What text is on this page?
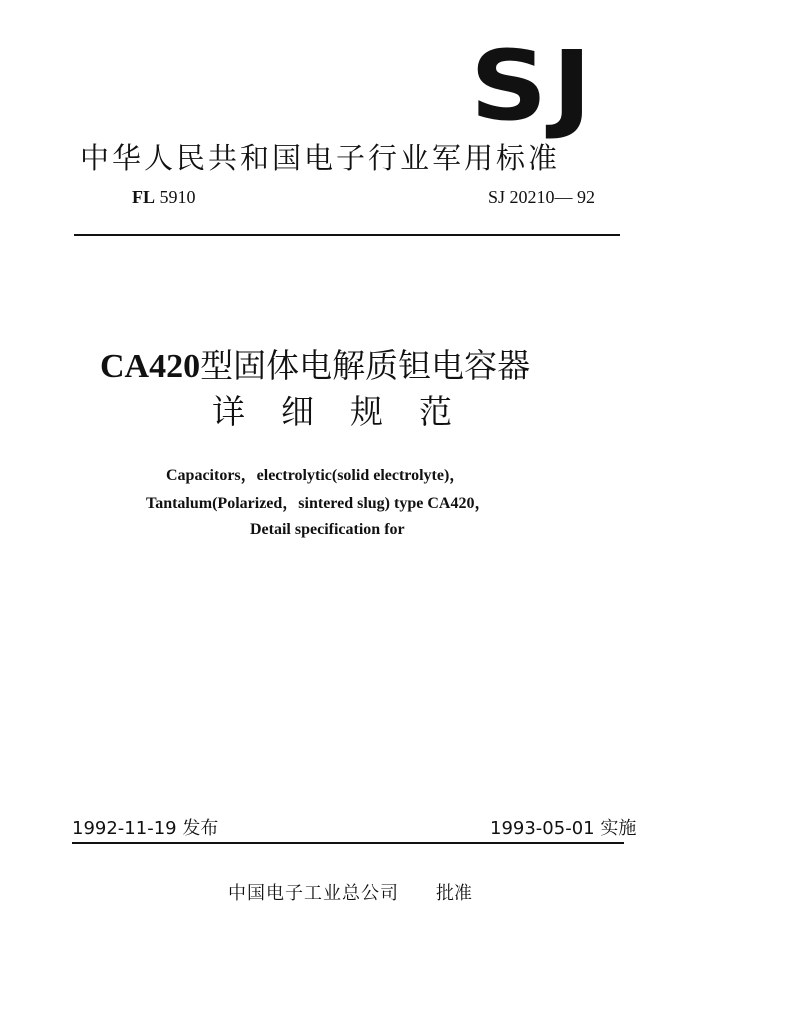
SJ
中华人民共和国电子行业军用标准
FL 5910	SJ 20210— 92
CA420型固体电解质钽电容器
详细规范
Capacitors，electrolytic(solid electrolyte)，
Tantalum(Polarized，sintered slug) type CA420，
Detail specification for
1992-11-19 发布	1993-05-01 实施
中国电子工业总公司 批准
